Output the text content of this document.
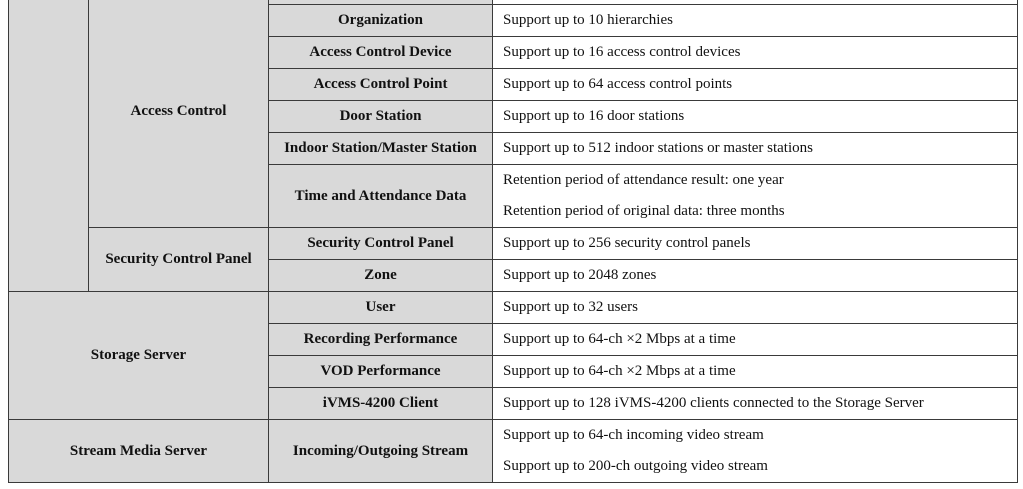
	Access Control		
		Organization	Support up to 10 hierarchies
		Access Control Device	Support up to 16 access control devices
		Access Control Point	Support up to 64 access control points
		Door Station	Support up to 16 door stations
		Indoor Station/Master Station	Support up to 512 indoor stations or master stations
		Time and Attendance Data	Retention period of attendance result: one year
Retention period of original data: three months

	Security Control Panel	Security Control Panel	Support up to 256 security control panels
		Zone	Support up to 2048 zones
Storage Server		User	Support up to 32 users
		Recording Performance	Support up to 64-ch ×2 Mbps at a time
		VOD Performance	Support up to 64-ch ×2 Mbps at a time
		iVMS-4200 Client	Support up to 128 iVMS-4200 clients connected to the Storage Server
Stream Media Server		Incoming/Outgoing Stream	Support up to 64-ch incoming video stream
Support up to 200-ch outgoing video stream
